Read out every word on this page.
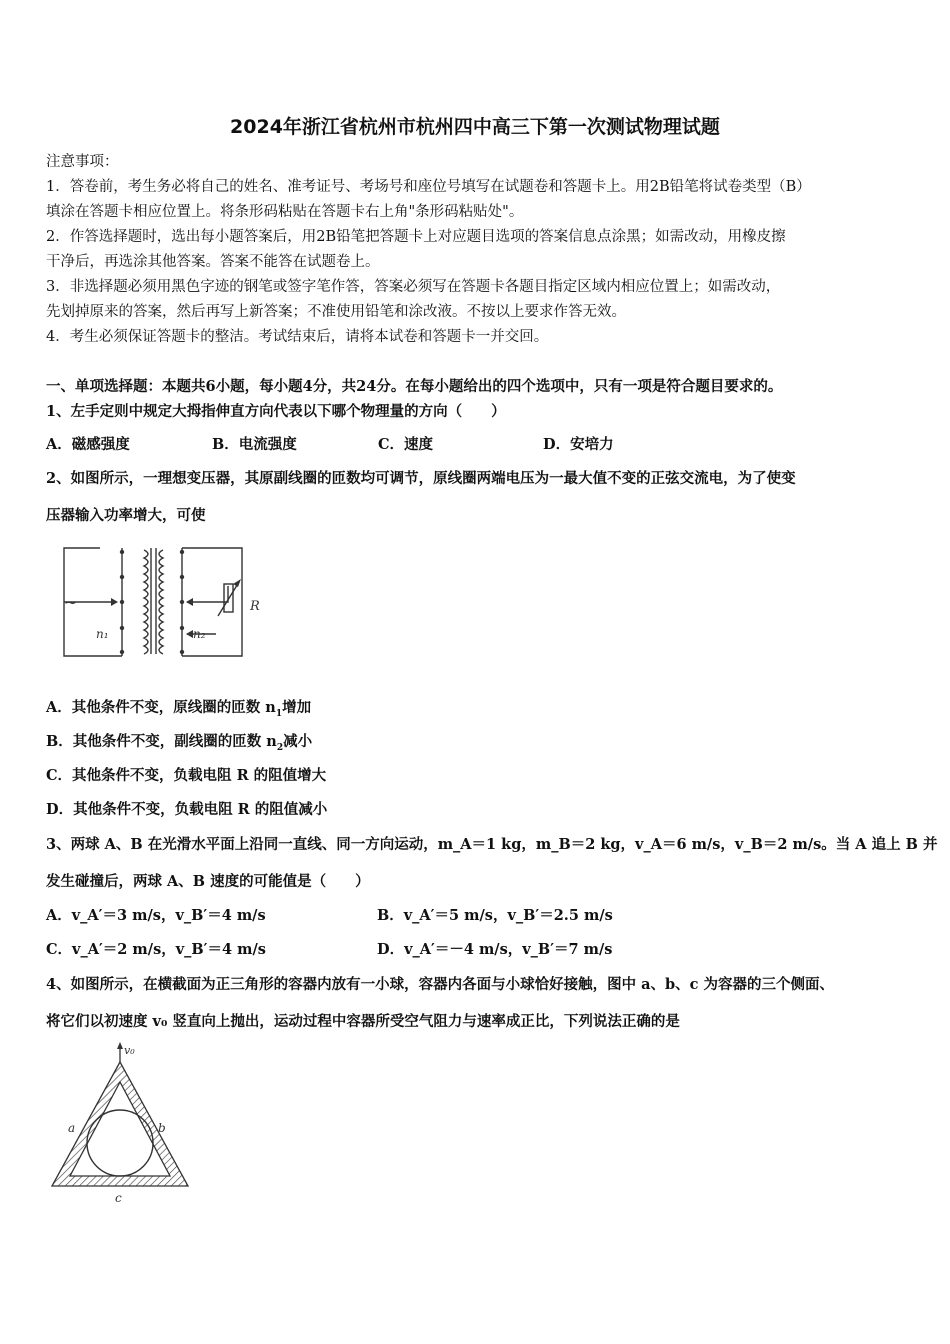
2024年浙江省杭州市杭州四中高三下第一次测试物理试题
注意事项：
1．答卷前，考生务必将自己的姓名、准考证号、考场号和座位号填写在试题卷和答题卡上。用2B铅笔将试卷类型（B）
填涂在答题卡相应位置上。将条形码粘贴在答题卡右上角"条形码粘贴处"。
2．作答选择题时，选出每小题答案后，用2B铅笔把答题卡上对应题目选项的答案信息点涂黑；如需改动，用橡皮擦
干净后，再选涂其他答案。答案不能答在试题卷上。
3．非选择题必须用黑色字迹的钢笔或签字笔作答，答案必须写在答题卡各题目指定区域内相应位置上；如需改动，
先划掉原来的答案，然后再写上新答案；不准使用铅笔和涂改液。不按以上要求作答无效。
4．考生必须保证答题卡的整洁。考试结束后，请将本试卷和答题卡一并交回。
一、单项选择题：本题共6小题，每小题4分，共24分。在每小题给出的四个选项中，只有一项是符合题目要求的。
1、左手定则中规定大拇指伸直方向代表以下哪个物理量的方向（　　）
A．磁感强度	B．电流强度	C．速度	D．安培力
2、如图所示，一理想变压器，其原副线圈的匝数均可调节，原线圈两端电压为一最大值不变的正弦交流电，为了使变
压器输入功率增大，可使
~	R
n₁	n₂
A．其他条件不变，原线圈的匝数 $n_1$增加
B．其他条件不变，副线圈的匝数 $n_2$减小
C．其他条件不变，负载电阻 R 的阻值增大
D．其他条件不变，负载电阻 R 的阻值减小
3、两球 A、B 在光滑水平面上沿同一直线、同一方向运动，m_A＝1 kg，m_B＝2 kg，v_A＝6 m/s，v_B＝2 m/s。当 A 追上 B 并
发生碰撞后，两球 A、B 速度的可能值是（　　）
A．v_A′＝3 m/s，v_B′＝4 m/s	B．v_A′＝5 m/s，v_B′＝2.5 m/s
C．v_A′＝2 m/s，v_B′＝4 m/s	D．v_A′＝－4 m/s，v_B′＝7 m/s
4、如图所示，在横截面为正三角形的容器内放有一小球，容器内各面与小球恰好接触，图中 a、b、c 为容器的三个侧面、
将它们以初速度 v₀ 竖直向上抛出，运动过程中容器所受空气阻力与速率成正比，下列说法正确的是
v₀
a	b
c
